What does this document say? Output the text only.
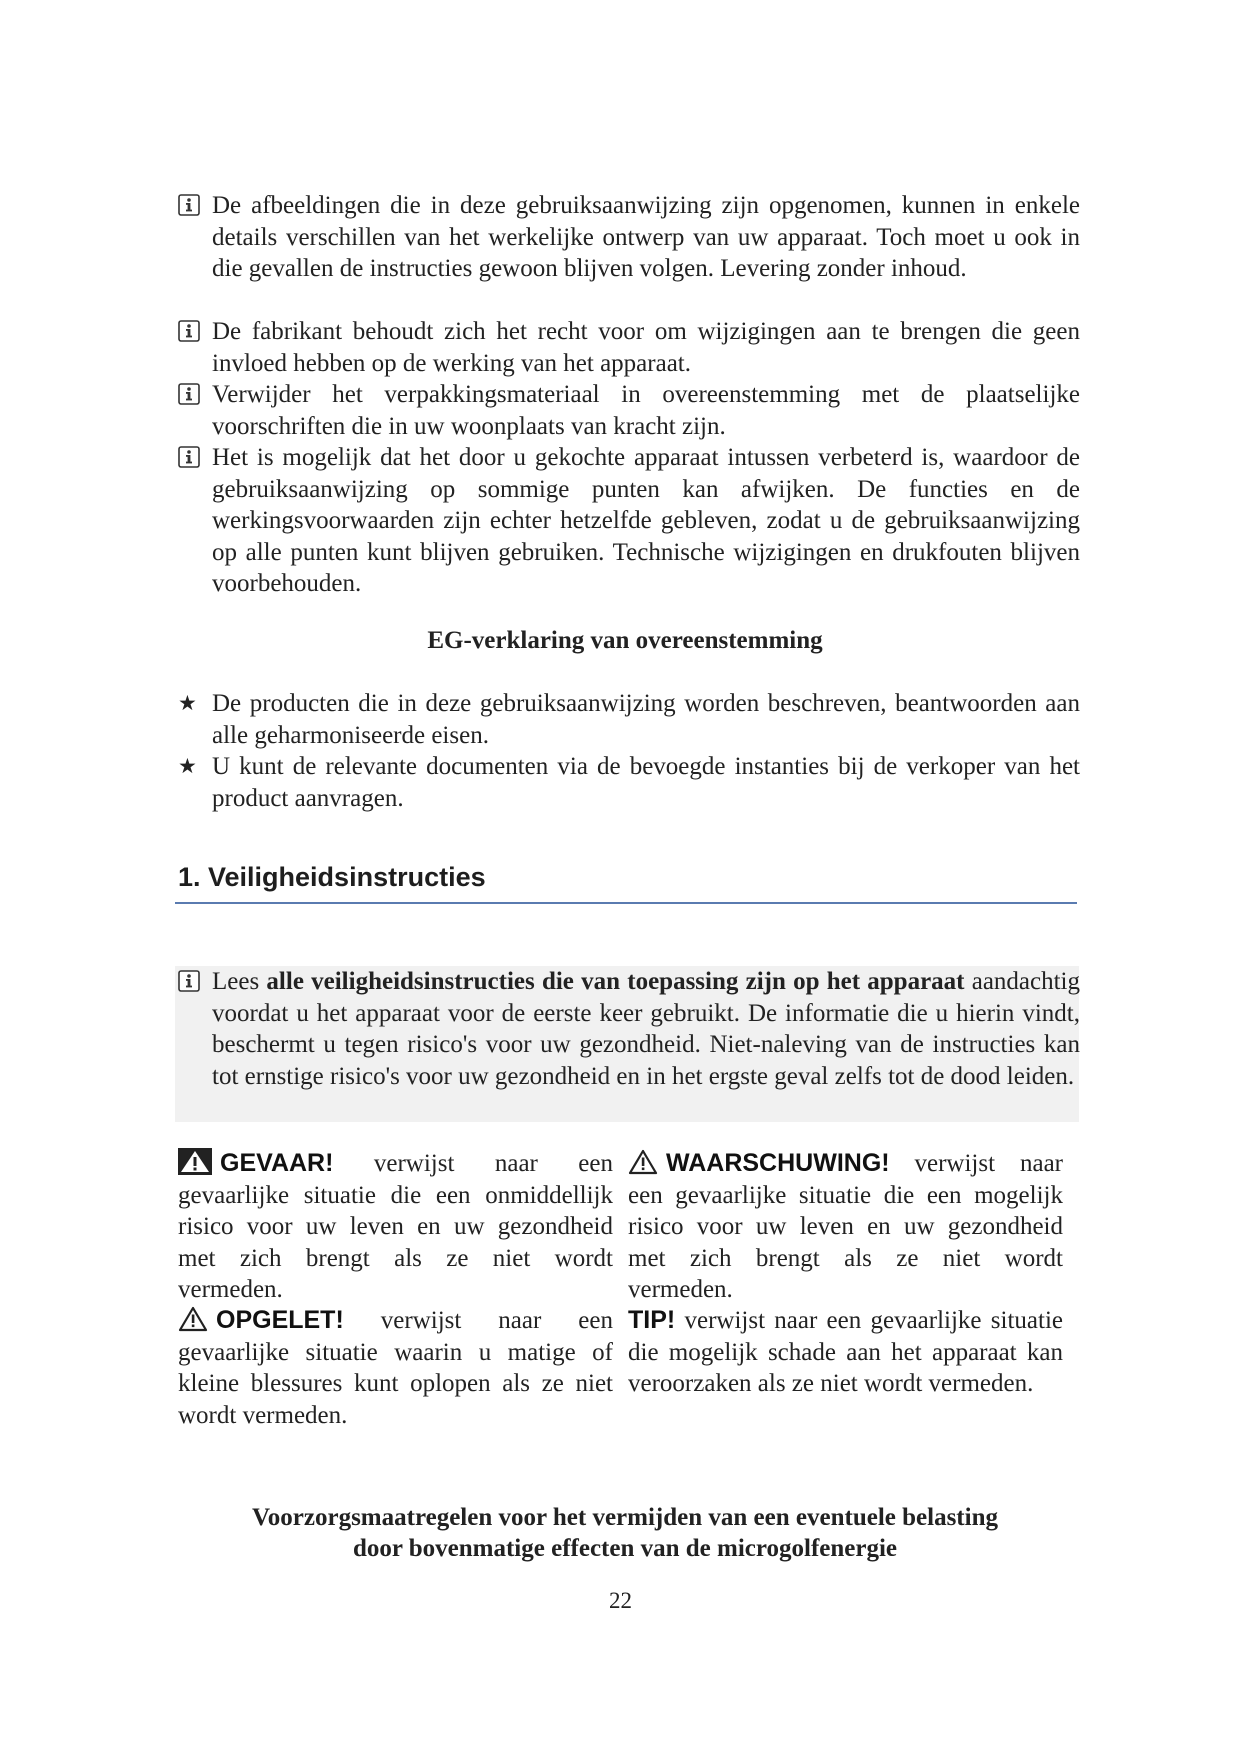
De afbeeldingen die in deze gebruiksaanwijzing zijn opgenomen, kunnen in enkele details verschillen van het werkelijke ontwerp van uw apparaat. Toch moet u ook in die gevallen de instructies gewoon blijven volgen. Levering zonder inhoud.
De fabrikant behoudt zich het recht voor om wijzigingen aan te brengen die geen invloed hebben op de werking van het apparaat.
Verwijder het verpakkingsmateriaal in overeenstemming met de plaatselijke voorschriften die in uw woonplaats van kracht zijn.
Het is mogelijk dat het door u gekochte apparaat intussen verbeterd is, waardoor de gebruiksaanwijzing op sommige punten kan afwijken. De functies en de werkingsvoorwaarden zijn echter hetzelfde gebleven, zodat u de gebruiksaanwijzing op alle punten kunt blijven gebruiken. Technische wijzigingen en drukfouten blijven voorbehouden.
EG-verklaring van overeenstemming
★ De producten die in deze gebruiksaanwijzing worden beschreven, beantwoorden aan alle geharmoniseerde eisen.
★ U kunt de relevante documenten via de bevoegde instanties bij de verkoper van het product aanvragen.
1. Veiligheidsinstructies
Lees alle veiligheidsinstructies die van toepassing zijn op het apparaat aandachtig voordat u het apparaat voor de eerste keer gebruikt. De informatie die u hierin vindt, beschermt u tegen risico's voor uw gezondheid. Niet-naleving van de instructies kan tot ernstige risico's voor uw gezondheid en in het ergste geval zelfs tot de dood leiden.
GEVAAR! verwijst naar een gevaarlijke situatie die een onmiddellijk risico voor uw leven en uw gezondheid met zich brengt als ze niet wordt vermeden.
WAARSCHUWING! verwijst naar een gevaarlijke situatie die een mogelijk risico voor uw leven en uw gezondheid met zich brengt als ze niet wordt vermeden.
OPGELET! verwijst naar een gevaarlijke situatie waarin u matige of kleine blessures kunt oplopen als ze niet wordt vermeden.
TIP! verwijst naar een gevaarlijke situatie die mogelijk schade aan het apparaat kan veroorzaken als ze niet wordt vermeden.
Voorzorgsmaatregelen voor het vermijden van een eventuele belasting
door bovenmatige effecten van de microgolfenergie
22
